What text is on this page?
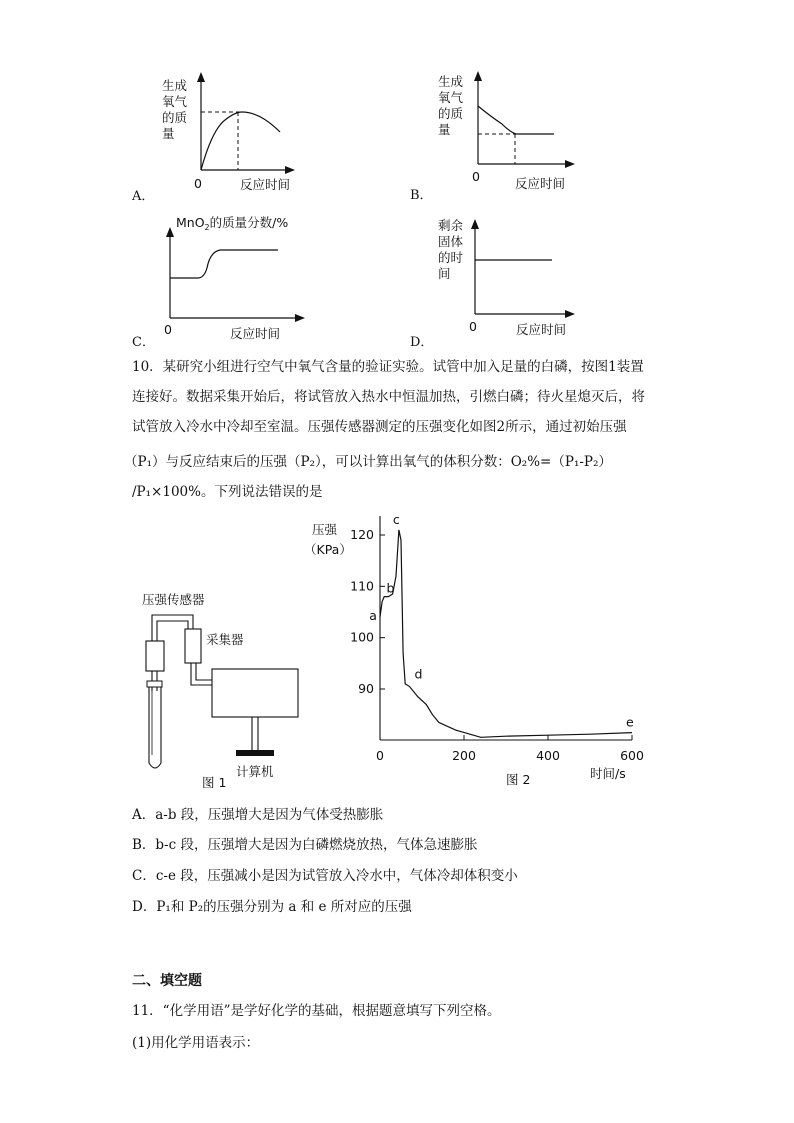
A．
生成
氧气
的质
量
0	反应时间
B．
生成
氧气
的质
量
0	反应时间
C．
MnO$_2$的质量分数/%
0	反应时间
D．
剩余
固体
的时
间
0	反应时间
10．某研究小组进行空气中氧气含量的验证实验。试管中加入足量的白磷，按图1装置
连接好。数据采集开始后，将试管放入热水中恒温加热，引燃白磷；待火星熄灭后，将
试管放入冷水中冷却至室温。压强传感器测定的压强变化如图2所示，通过初始压强
（P₁）与反应结束后的压强（P₂），可以计算出氧气的体积分数：O₂%=（P₁-P₂）
/P₁×100%。下列说法错误的是
压强传感器
采集器
计算机
图 1
压强
（KPa）
120
110
100
90
0	200	400	600
a
b
c
d
e
时间/s
图 2
A．a-b 段，压强增大是因为气体受热膨胀
B．b-c 段，压强增大是因为白磷燃烧放热，气体急速膨胀
C．c-e 段，压强减小是因为试管放入冷水中，气体冷却体积变小
D．P₁和 P₂的压强分别为 a 和 e 所对应的压强
二、填空题
11．“化学用语”是学好化学的基础，根据题意填写下列空格。
(1)用化学用语表示：
